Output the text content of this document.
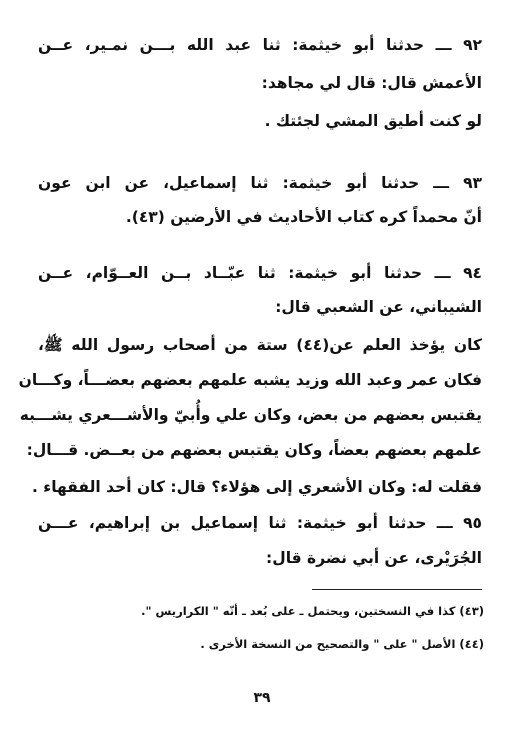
٩٢ ـــ حدثنا أبو خيثمة: ثنا عبد الله بـــن نمـير، عــن
الأعمش قال: قال لي مجاهد:
لو كنت أطيق المشي لجئتك .
٩٣ ـــ حدثنا أبو خيثمة: ثنا إسماعيل، عن ابن عون
أنّ محمداً كره كتاب الأحاديث في الأرضين (٤٣).
٩٤ ـــ حدثنا أبو خيثمة: ثنا عبّــاد بــن العــوّام، عــن
الشيباني، عن الشعبي قال:
كان يؤخذ العلم عن(٤٤) ستة من أصحاب رسول الله ﷺ،
فكان عمر وعبد الله وزيد يشبه علمهم بعضهم بعضـــاً، وكـــان
يقتبس بعضهم من بعض، وكان علي وأُبيّ والأشـــعري يشـــبه
علمهم بعضهم بعضاً، وكان يقتبس بعضهم من بعــض. قـــال:
فقلت له: وكان الأشعري إلى هؤلاء؟ قال: كان أحد الفقهاء .
٩٥ ـــ حدثنا أبو خيثمة: ثنا إسماعيل بن إبراهيم، عـــن
الجُرَيْرى، عن أبي نضرة قال:
(٤٣) كذا في النسختين، ويحتمل ـ على بُعد ـ أنّه " الكراريس ".
(٤٤) الأصل " على " والتصحيح من النسخة الأخرى .
٣٩
